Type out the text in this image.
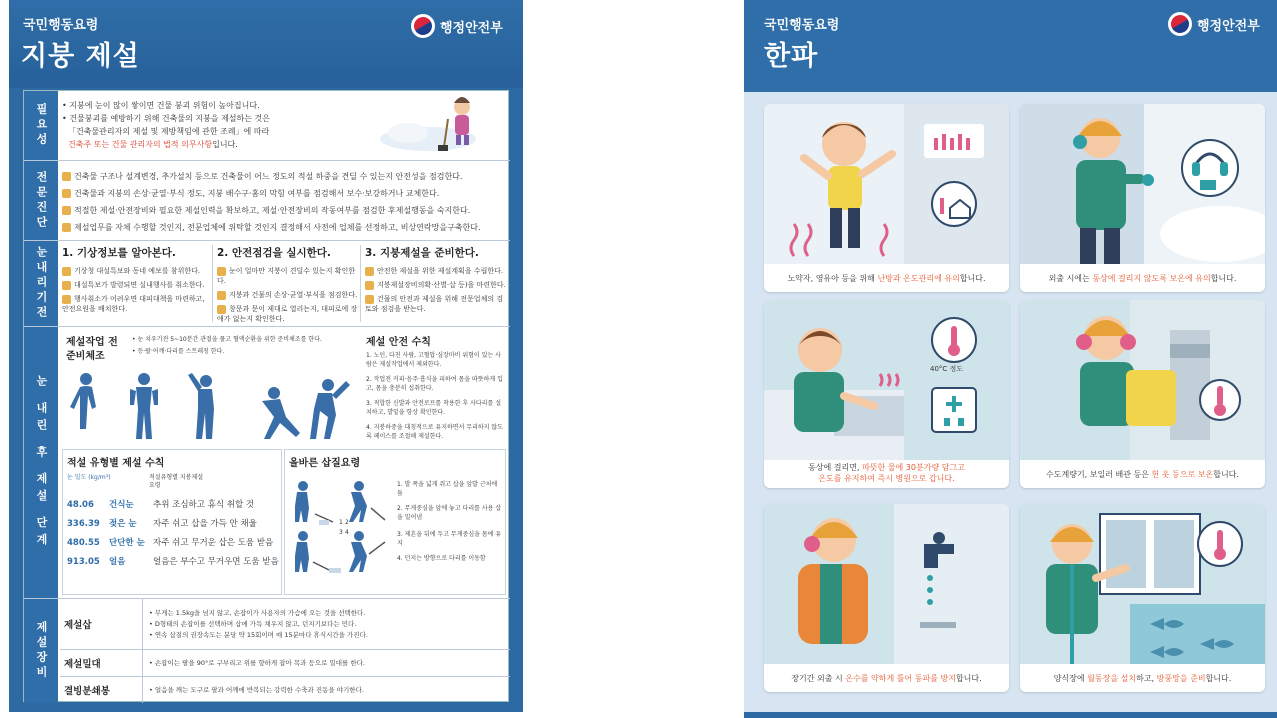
국민행동요령
지붕 제설
행정안전부
필요성	• 지붕에 눈이 많이 쌓이면 건물 붕괴 위험이 높아집니다.
• 건물붕괴를 예방하기 위해 건축물의 지붕을 제설하는 것은
「건축물관리자의 제설 및 제방책임에 관한 조례」에 따라
건축주 또는 건물 관리자의 법적 의무사항입니다.
전문진단	건축물 구조나 설계변경, 추가설치 등으로 건축물이 어느 정도의 적설 하중을 견딜 수 있는지 안전성을 점검한다.
건축물과 지붕의 손상·균열·부식 정도, 지붕 배수구·홈의 막힘 여부를 점검해서 보수·보강하거나 교체한다.
적절한 제설·안전장비와 필요한 제설인력을 확보하고, 제설·안전장비의 작동여부를 점검한 후제설행동을 숙지한다.
제설업무를 자체 수행할 것인지, 전문업체에 위탁할 것인지 결정해서 사전에 업체를 선정하고, 비상연락망을구축한다.
눈내리기전	1. 기상정보를 알아본다.
기상청 대설특보와 동네 예보를 참위한다.
대설특보가 발령되면 실내행사를 취소한다.
행사취소가 어려우면 대피대책을 마련하고, 안전요원을 배치한다.
2. 안전점검을 실시한다.
눈이 얼마만 지붕이 견딜수 있는지 확인한다.
지붕과 건물의 손상·균열·부식을 점검한다.
창문과 문이 제대로 열리는지, 대피로에 장애가 없는지 확인한다.
3. 지붕제설을 준비한다.
안전한 제설을 위한 제설계획을 수립한다.
지붕제설장비의확·산별·삽 등)을 마련한다.
건물의 안전과 제설을 위해 전문업체의 검토와 점검을 받는다.
눈 내린 후 제설 단계
제설작업 전
준비체조
• 눈 치우기전 5~10분간 관절을 풀고 혈액순환을 위한 준비체조를 한다.
• 등·팔·어깨·다리를 스트레칭 한다.
제설 안전 수칙
1. 노인, 다친 사람, 고혈압·심장마비 위험이 있는 사람은 제설작업에서 제외한다.
2. 작업전 커피·음주·흡식을 피하여 몸을 따뜻하게 입고, 몸을 충분히 섭취한다.
3. 적합한 신발과 안전로프를 착용한 후 사다리를 설치하고, 발밑을 항상 확인한다.
4. 지붕하중을 대칭적으로 유지하면서 무리하지 않도록 페이스를 조절해 제설한다.
적설 유형별 제설 수칙
눈 밀도 (kg/m³)	적설유형별 지붕제설요령
48.06	건식눈	추위 조심하고 휴식 취할 것
336.39	젖은 눈	자주 쉬고 삽을 가득 안 채울
480.55	단단한 눈 자주 쉬고 무거운 삽은 도움 받음
913.05	얼음	얼음은 부수고 무거우면 도움 받음
올바른 삽질요령
1 2
3 4
1. 발 폭을 넓게 쥐고 삽을 앞발 근처에 둠
2. 무게중심을 앞에 놓고 다리를 사용 삽을 밀어냄
3. 제흔을 뒤에 두고 무게중심을 몸에 유지
4. 던지는 방향으로 다리를 이동함
제설장비	제설삽
• 무게는 1.5kg을 넘지 않고, 손잡이가 사용자의 가슴에 오는 것을 선택한다.
• D형태의 손잡이를 선택하며 삽에 가득 채우지 않고, 던지기보다는 민다.
• 연속 삽질의 권장속도는 분당 약 15회이며 매 15분마다 휴식시간을 가진다.
제설밀대	• 손잡이는 팔을 90°로 구부리고 위를 향하게 잡아 목과 등으로 밀대를 한다.
결빙분쇄봉	• 얼음을 깨는 도구로 팔과 어깨에 반복되는 강력한 수축과 진동을 야기한다.
국민행동요령
한파
행정안전부
노약자, 영유아 등을 위해 난방과 온도관리에 유의합니다.	외출 시에는 동상에 걸리지 않도록 보온에 유의합니다.
40°C 정도
동상에 걸리면, 따뜻한 물에 30분가량 담그고
온도를 유지하여 즉시 병원으로 갑니다.	수도계량기, 보일러 배관 등은 헌 옷 등으로 보온합니다.
장기간 외출 시 온수를 약하게 틀어 동파를 방지합니다.	양식장에 월동장을 설치하고, 방풍망을 준비합니다.
